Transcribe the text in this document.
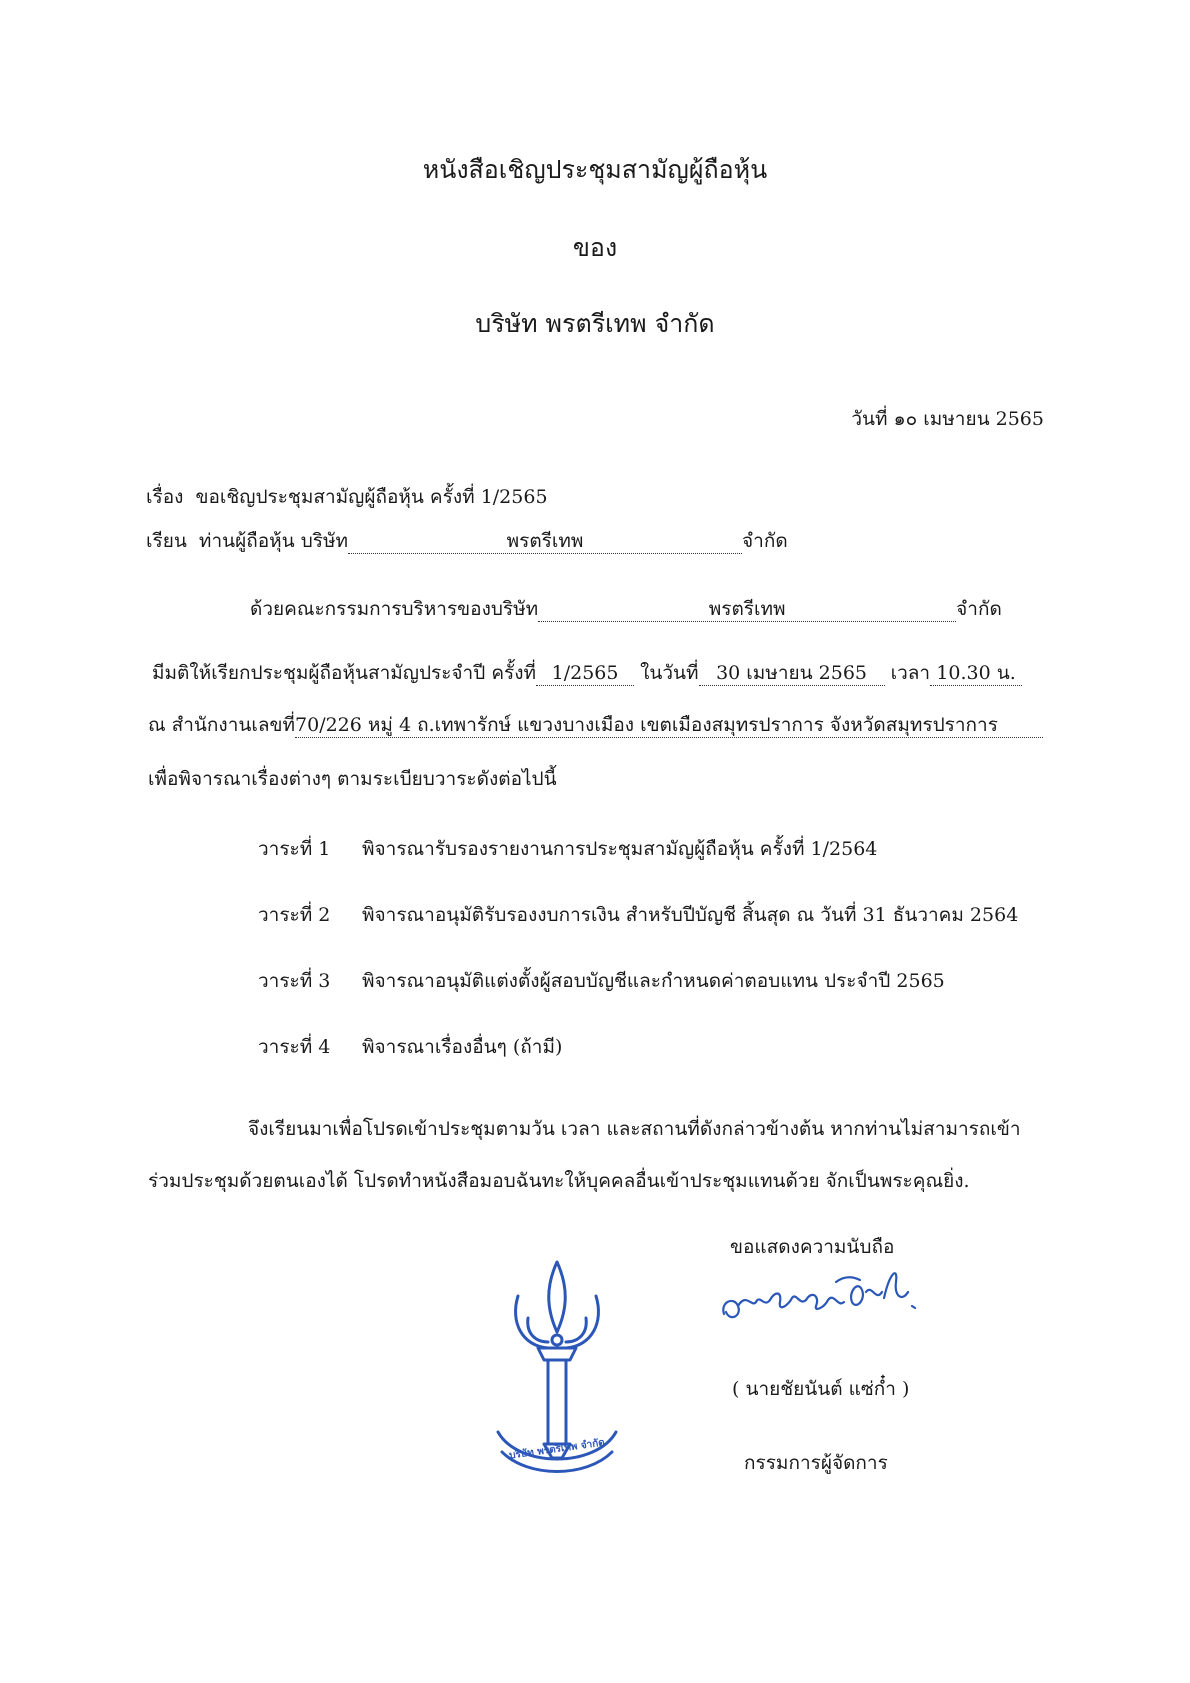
หนังสือเชิญประชุมสามัญผู้ถือหุ้น
ของ
บริษัท พรตรีเทพ จำกัด
วันที่ ๑๐ เมษายน 2565
เรื่อง ขอเชิญประชุมสามัญผู้ถือหุ้น ครั้งที่ 1/2565
เรียน ท่านผู้ถือหุ้น บริษัท	พรตรีเทพ	จำกัด
ด้วยคณะกรรมการบริหารของบริษัท	พรตรีเทพ	จำกัด
มีมติให้เรียกประชุมผู้ถือหุ้นสามัญประจำปี ครั้งที่ 1/2565 ในวันที่ 30 เมษายน 2565 เวลา 10.30 น.
ณ สำนักงานเลขที่70/226 หมู่ 4 ถ.เทพารักษ์ แขวงบางเมือง เขตเมืองสมุทรปราการ จังหวัดสมุทรปราการ
เพื่อพิจารณาเรื่องต่างๆ ตามระเบียบวาระดังต่อไปนี้
วาระที่ 1 พิจารณารับรองรายงานการประชุมสามัญผู้ถือหุ้น ครั้งที่ 1/2564
วาระที่ 2 พิจารณาอนุมัติรับรองงบการเงิน สำหรับปีบัญชี สิ้นสุด ณ วันที่ 31 ธันวาคม 2564
วาระที่ 3 พิจารณาอนุมัติแต่งตั้งผู้สอบบัญชีและกำหนดค่าตอบแทน ประจำปี 2565
วาระที่ 4 พิจารณาเรื่องอื่นๆ (ถ้ามี)
จึงเรียนมาเพื่อโปรดเข้าประชุมตามวัน เวลา และสถานที่ดังกล่าวข้างต้น หากท่านไม่สามารถเข้า
ร่วมประชุมด้วยตนเองได้ โปรดทำหนังสือมอบฉันทะให้บุคคลอื่นเข้าประชุมแทนด้วย จักเป็นพระคุณยิ่ง.
ขอแสดงความนับถือ
บริษัท พรตรีเทพ จำกัด
( นายชัยนันต์ แซ่ก๋ำ )
กรรมการผู้จัดการ
